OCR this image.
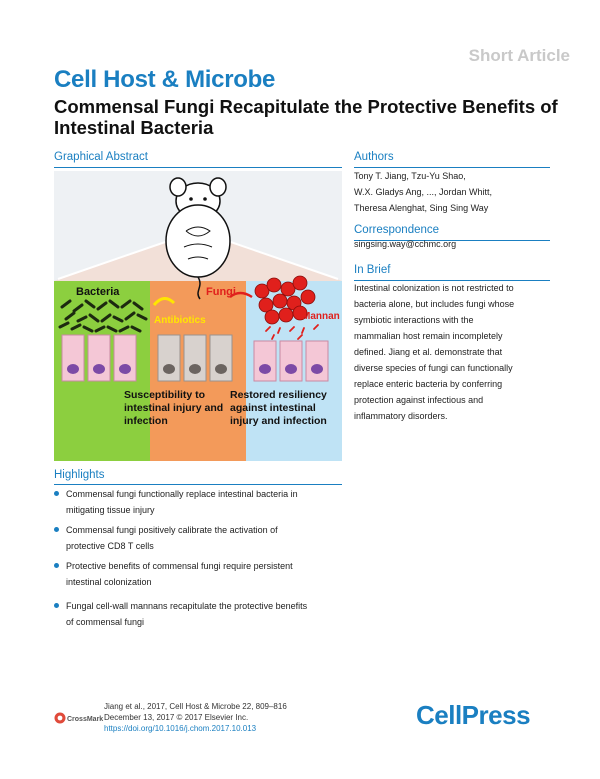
Short Article
Cell Host & Microbe
Commensal Fungi Recapitulate the Protective Benefits of Intestinal Bacteria
Graphical Abstract
Bacteria
Antibiotics
Fungi
Mannan
Susceptibility to intestinal injury and infection
Restored resiliency against intestinal injury and infection
Authors
Tony T. Jiang, Tzu-Yu Shao,
W.X. Gladys Ang, ..., Jordan Whitt,
Theresa Alenghat, Sing Sing Way
Correspondence
singsing.way@cchmc.org
In Brief
Intestinal colonization is not restricted to
bacteria alone, but includes fungi whose
symbiotic interactions with the
mammalian host remain incompletely
defined. Jiang et al. demonstrate that
diverse species of fungi can functionally
replace enteric bacteria by conferring
protection against infectious and
inflammatory disorders.
Highlights
Commensal fungi functionally replace intestinal bacteria in
mitigating tissue injury
Commensal fungi positively calibrate the activation of
protective CD8 T cells
Protective benefits of commensal fungi require persistent
intestinal colonization
Fungal cell-wall mannans recapitulate the protective benefits
of commensal fungi
CrossMark
Jiang et al., 2017, Cell Host & Microbe 22, 809–816
December 13, 2017 © 2017 Elsevier Inc.
https://doi.org/10.1016/j.chom.2017.10.013	CellPress
